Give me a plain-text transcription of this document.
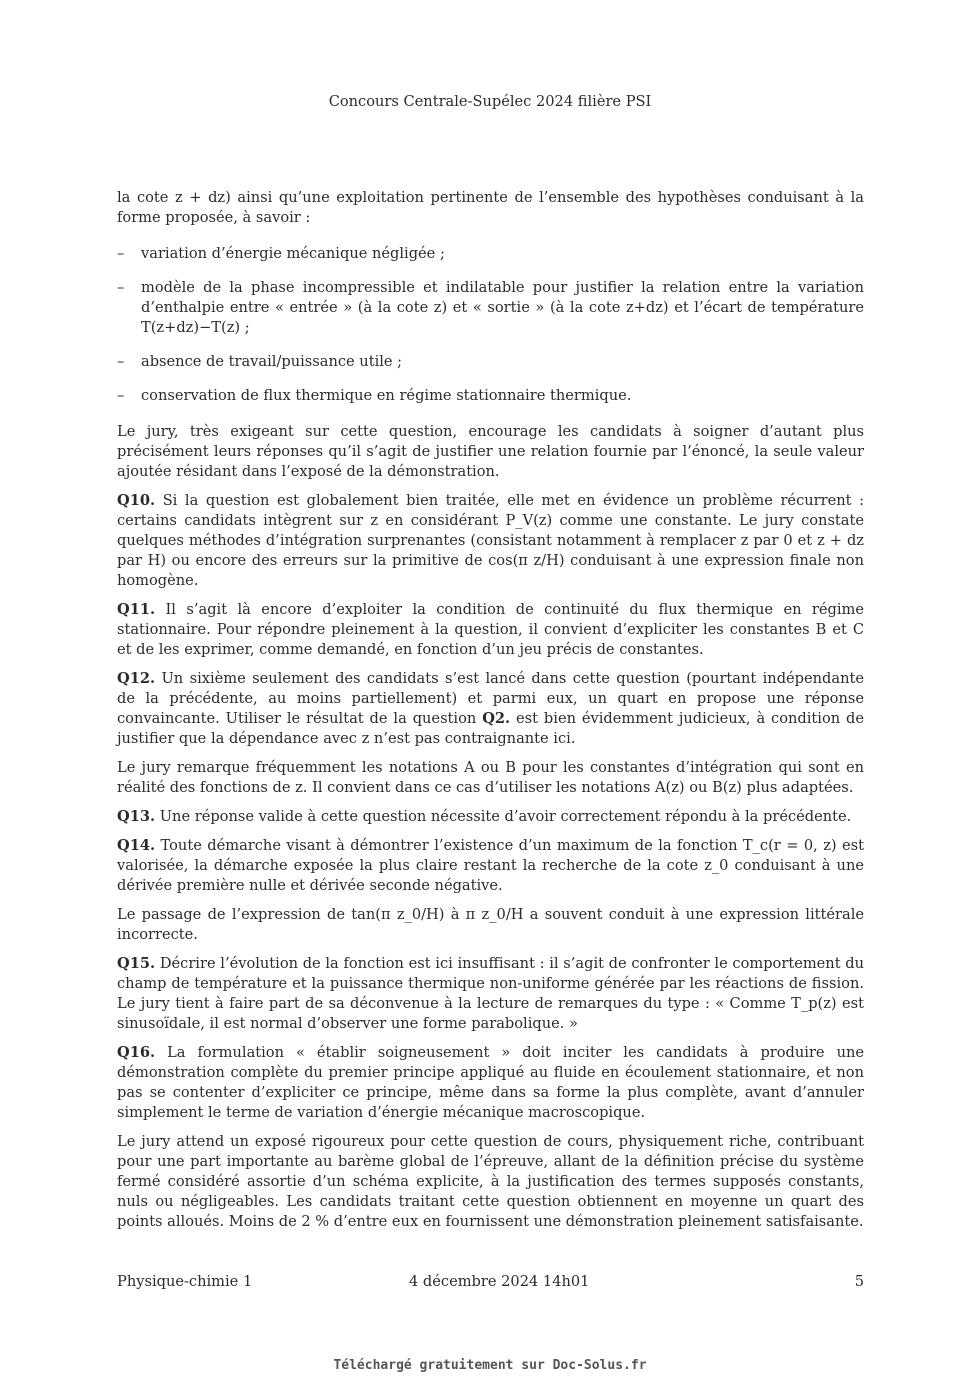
Concours Centrale-Supélec 2024 filière PSI

la cote z + dz) ainsi qu’une exploitation pertinente de l’ensemble des hypothèses conduisant à la forme proposée, à savoir :

– variation d’énergie mécanique négligée ;
– modèle de la phase incompressible et indilatable pour justifier la relation entre la variation d’enthalpie entre « entrée » (à la cote z) et « sortie » (à la cote z+dz) et l’écart de température T(z+dz)−T(z) ;
– absence de travail/puissance utile ;
– conservation de flux thermique en régime stationnaire thermique.

Le jury, très exigeant sur cette question, encourage les candidats à soigner d’autant plus précisément leurs réponses qu’il s’agit de justifier une relation fournie par l’énoncé, la seule valeur ajoutée résidant dans l’exposé de la démonstration.

Q10. Si la question est globalement bien traitée, elle met en évidence un problème récurrent : certains candidats intègrent sur z en considérant P_V(z) comme une constante. Le jury constate quelques méthodes d’intégration surprenantes (consistant notamment à remplacer z par 0 et z + dz par H) ou encore des erreurs sur la primitive de cos(π z/H) conduisant à une expression finale non homogène.

Q11. Il s’agit là encore d’exploiter la condition de continuité du flux thermique en régime stationnaire. Pour répondre pleinement à la question, il convient d’expliciter les constantes B et C et de les exprimer, comme demandé, en fonction d’un jeu précis de constantes.

Q12. Un sixième seulement des candidats s’est lancé dans cette question (pourtant indépendante de la précédente, au moins partiellement) et parmi eux, un quart en propose une réponse convaincante. Utiliser le résultat de la question Q2. est bien évidemment judicieux, à condition de justifier que la dépendance avec z n’est pas contraignante ici.

Le jury remarque fréquemment les notations A ou B pour les constantes d’intégration qui sont en réalité des fonctions de z. Il convient dans ce cas d’utiliser les notations A(z) ou B(z) plus adaptées.

Q13. Une réponse valide à cette question nécessite d’avoir correctement répondu à la précédente.

Q14. Toute démarche visant à démontrer l’existence d’un maximum de la fonction T_c(r = 0, z) est valorisée, la démarche exposée la plus claire restant la recherche de la cote z_0 conduisant à une dérivée première nulle et dérivée seconde négative.

Le passage de l’expression de tan(π z_0/H) à π z_0/H a souvent conduit à une expression littérale incorrecte.

Q15. Décrire l’évolution de la fonction est ici insuffisant : il s’agit de confronter le comportement du champ de température et la puissance thermique non-uniforme générée par les réactions de fission. Le jury tient à faire part de sa déconvenue à la lecture de remarques du type : « Comme T_p(z) est sinusoïdale, il est normal d’observer une forme parabolique. »

Q16. La formulation « établir soigneusement » doit inciter les candidats à produire une démonstration complète du premier principe appliqué au fluide en écoulement stationnaire, et non pas se contenter d’expliciter ce principe, même dans sa forme la plus complète, avant d’annuler simplement le terme de variation d’énergie mécanique macroscopique.

Le jury attend un exposé rigoureux pour cette question de cours, physiquement riche, contribuant pour une part importante au barème global de l’épreuve, allant de la définition précise du système fermé considéré assortie d’un schéma explicite, à la justification des termes supposés constants, nuls ou négligeables. Les candidats traitant cette question obtiennent en moyenne un quart des points alloués. Moins de 2 % d’entre eux en fournissent une démonstration pleinement satisfaisante.

Physique-chimie 1	4 décembre 2024 14h01	5
Téléchargé gratuitement sur Doc-Solus.fr
